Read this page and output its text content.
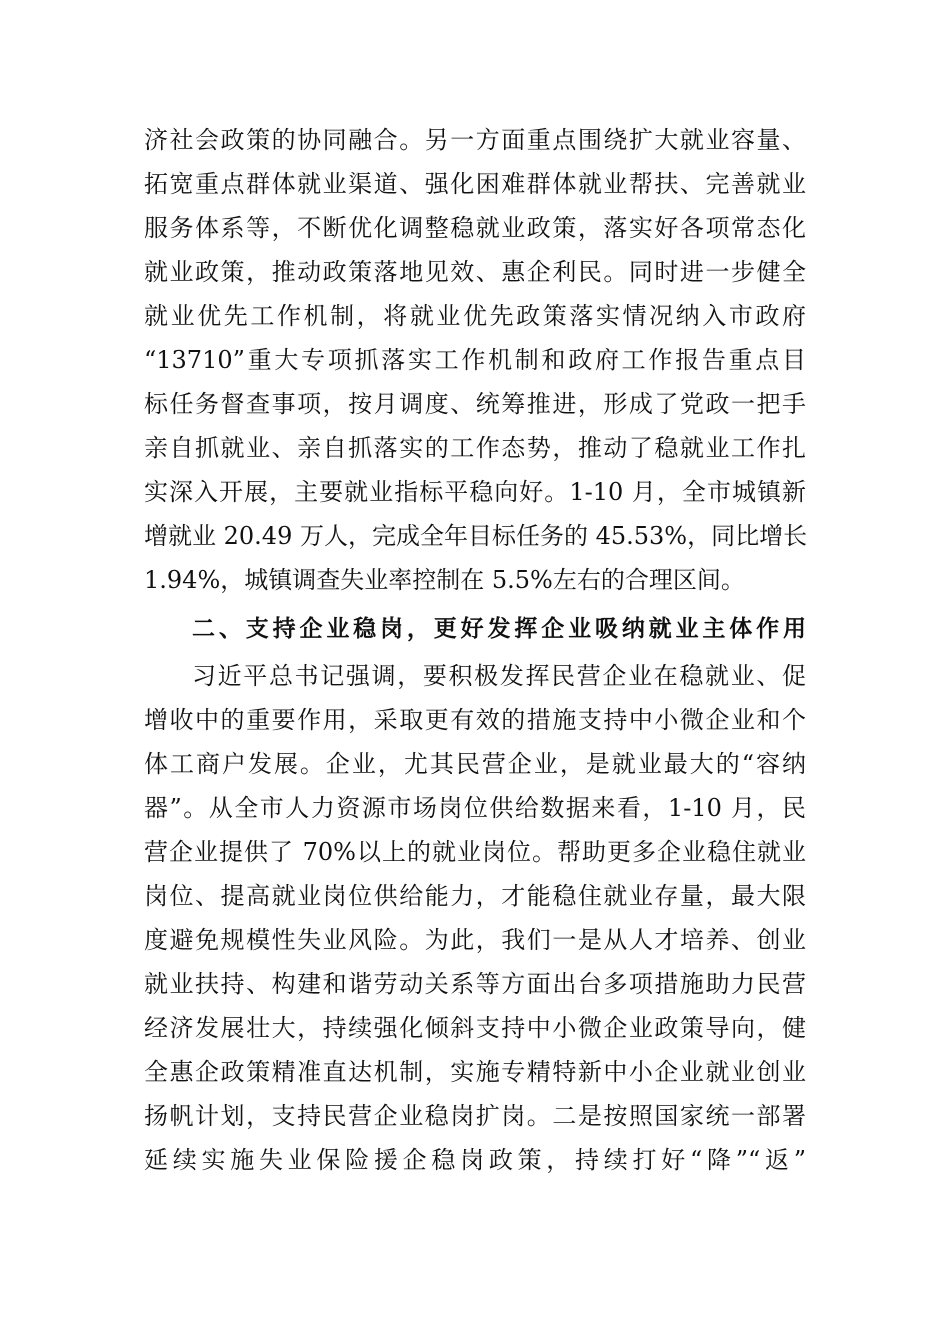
济社会政策的协同融合。另一方面重点围绕扩大就业容量、
拓宽重点群体就业渠道、强化困难群体就业帮扶、完善就业
服务体系等，不断优化调整稳就业政策，落实好各项常态化
就业政策，推动政策落地见效、惠企利民。同时进一步健全
就业优先工作机制，将就业优先政策落实情况纳入市政府
“13710”重大专项抓落实工作机制和政府工作报告重点目
标任务督查事项，按月调度、统筹推进，形成了党政一把手
亲自抓就业、亲自抓落实的工作态势，推动了稳就业工作扎
实深入开展，主要就业指标平稳向好。1-10 月，全市城镇新
增就业 20.49 万人，完成全年目标任务的 45.53%，同比增长
1.94%，城镇调查失业率控制在 5.5%左右的合理区间。
二、支持企业稳岗，更好发挥企业吸纳就业主体作用
习近平总书记强调，要积极发挥民营企业在稳就业、促
增收中的重要作用，采取更有效的措施支持中小微企业和个
体工商户发展。企业，尤其民营企业，是就业最大的“容纳
器”。从全市人力资源市场岗位供给数据来看，1-10 月，民
营企业提供了 70%以上的就业岗位。帮助更多企业稳住就业
岗位、提高就业岗位供给能力，才能稳住就业存量，最大限
度避免规模性失业风险。为此，我们一是从人才培养、创业
就业扶持、构建和谐劳动关系等方面出台多项措施助力民营
经济发展壮大，持续强化倾斜支持中小微企业政策导向，健
全惠企政策精准直达机制，实施专精特新中小企业就业创业
扬帆计划，支持民营企业稳岗扩岗。二是按照国家统一部署
延续实施失业保险援企稳岗政策，持续打好“降”“返”
